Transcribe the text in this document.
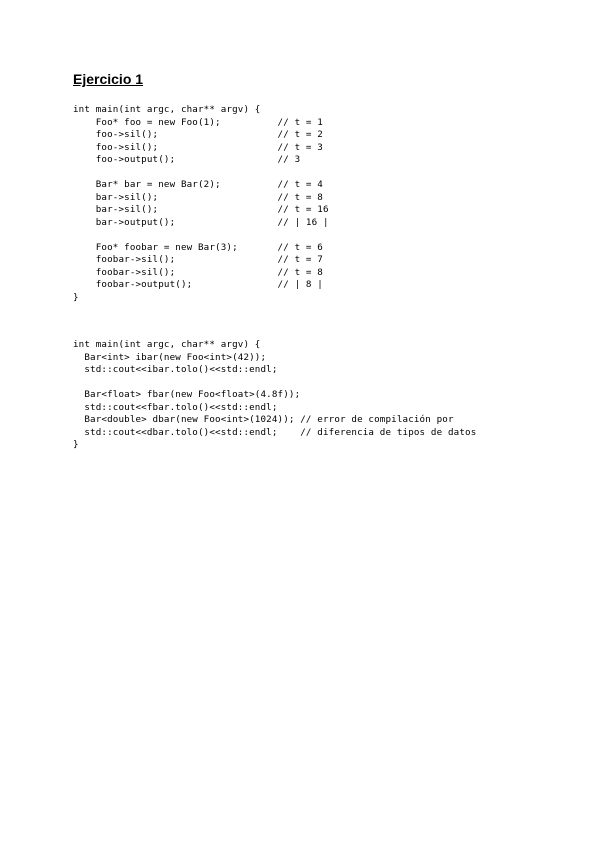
Ejercicio 1
int main(int argc, char** argv) {
Foo* foo = new Foo(1);          // t = 1
foo->sil();                     // t = 2
foo->sil();                     // t = 3
foo->output();                  // 3
Bar* bar = new Bar(2);          // t = 4
bar->sil();                     // t = 8
bar->sil();                     // t = 16
bar->output();                  // | 16 |
Foo* foobar = new Bar(3);       // t = 6
foobar->sil();                  // t = 7
foobar->sil();                  // t = 8
foobar->output();               // | 8 |
}
int main(int argc, char** argv) {
Bar<int> ibar(new Foo<int>(42));
std::cout<<ibar.tolo()<<std::endl;
Bar<float> fbar(new Foo<float>(4.8f));
std::cout<<fbar.tolo()<<std::endl;
Bar<double> dbar(new Foo<int>(1024)); // error de compilación por
std::cout<<dbar.tolo()<<std::endl;    // diferencia de tipos de datos
}
